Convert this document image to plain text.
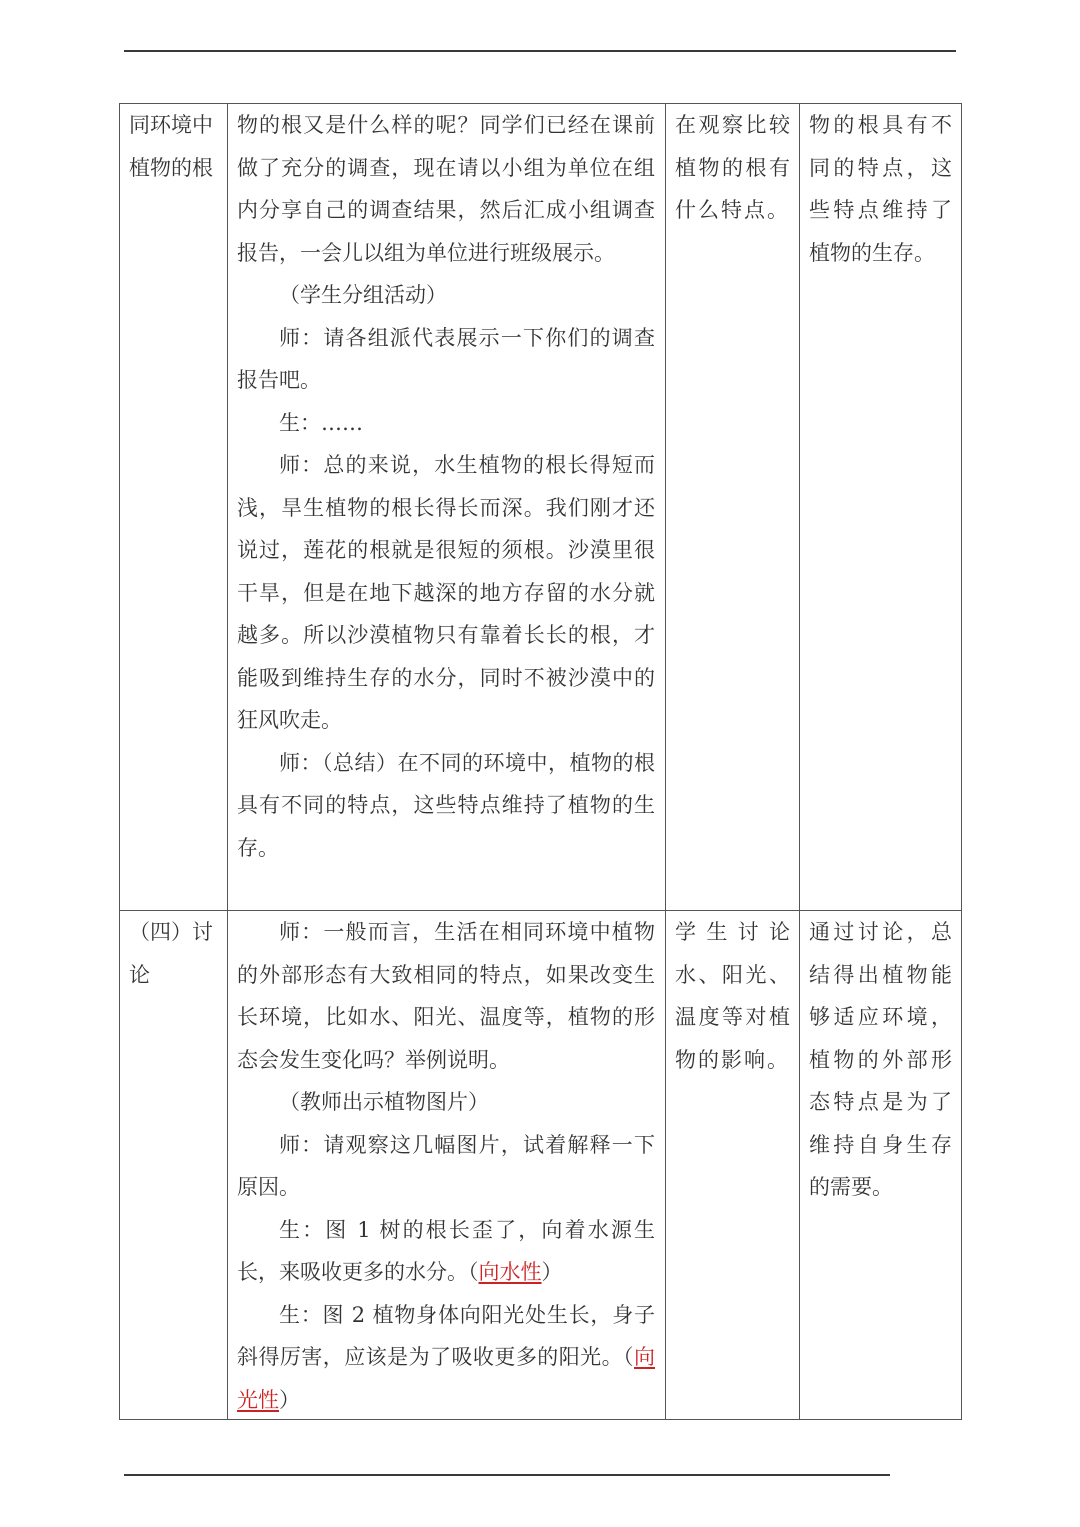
同环境中

植物的根

物的根又是什么样的呢？同学们已经在课前做了充分的调查，现在请以小组为单位在组内分享自己的调查结果，然后汇成小组调查报告，一会儿以组为单位进行班级展示。

（学生分组活动）

师：请各组派代表展示一下你们的调查报告吧。

生：……

师：总的来说，水生植物的根长得短而浅，旱生植物的根长得长而深。我们刚才还说过，莲花的根就是很短的须根。沙漠里很干旱，但是在地下越深的地方存留的水分就越多。所以沙漠植物只有靠着长长的根，才能吸到维持生存的水分，同时不被沙漠中的狂风吹走。

师：（总结）在不同的环境中，植物的根具有不同的特点，这些特点维持了植物的生存。

在观察比较植物的根有什么特点。

物的根具有不同的特点，这些特点维持了植物的生存。

（四）讨论

师：一般而言，生活在相同环境中植物的外部形态有大致相同的特点，如果改变生长环境，比如水、阳光、温度等，植物的形态会发生变化吗？举例说明。

（教师出示植物图片）

师：请观察这几幅图片，试着解释一下原因。

生：图 1 树的根长歪了，向着水源生长，来吸收更多的水分。（向水性）

生：图 2 植物身体向阳光处生长，身子斜得厉害，应该是为了吸收更多的阳光。（向光性）

学生讨论水、阳光、温度等对植物的影响。

通过讨论，总结得出植物能够适应环境，植物的外部形态特点是为了维持自身生存的需要。
